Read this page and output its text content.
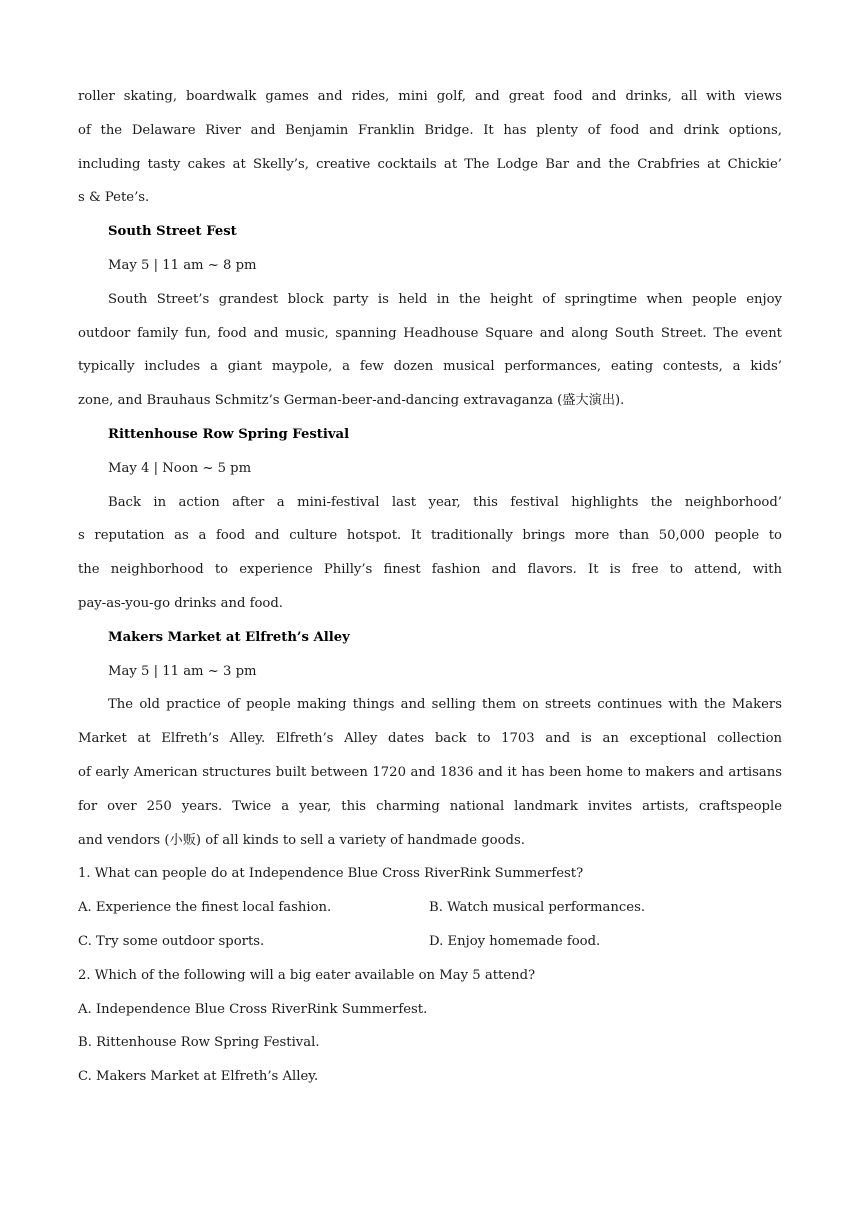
roller skating, boardwalk games and rides, mini golf, and great food and drinks, all with views
of the Delaware River and Benjamin Franklin Bridge. It has plenty of food and drink options,
including tasty cakes at Skelly’s, creative cocktails at The Lodge Bar and the Crabfries at Chickie’
s & Pete’s.
South Street Fest
May 5 | 11 am ~ 8 pm
South Street’s grandest block party is held in the height of springtime when people enjoy
outdoor family fun, food and music, spanning Headhouse Square and along South Street. The event
typically includes a giant maypole, a few dozen musical performances, eating contests, a kids’
zone, and Brauhaus Schmitz’s German-beer-and-dancing extravaganza (盛大演出).
Rittenhouse Row Spring Festival
May 4 | Noon ~ 5 pm
Back in action after a mini-festival last year, this festival highlights the neighborhood’
s reputation as a food and culture hotspot. It traditionally brings more than 50,000 people to
the neighborhood to experience Philly’s finest fashion and flavors. It is free to attend, with
pay-as-you-go drinks and food.
Makers Market at Elfreth’s Alley
May 5 | 11 am ~ 3 pm
The old practice of people making things and selling them on streets continues with the Makers
Market at Elfreth’s Alley. Elfreth’s Alley dates back to 1703 and is an exceptional collection
of early American structures built between 1720 and 1836 and it has been home to makers and artisans
for over 250 years. Twice a year, this charming national landmark invites artists, craftspeople
and vendors (小贩) of all kinds to sell a variety of handmade goods.
1. What can people do at Independence Blue Cross RiverRink Summerfest?
A. Experience the finest local fashion.	B. Watch musical performances.
C. Try some outdoor sports.	D. Enjoy homemade food.
2. Which of the following will a big eater available on May 5 attend?
A. Independence Blue Cross RiverRink Summerfest.
B. Rittenhouse Row Spring Festival.
C. Makers Market at Elfreth’s Alley.
